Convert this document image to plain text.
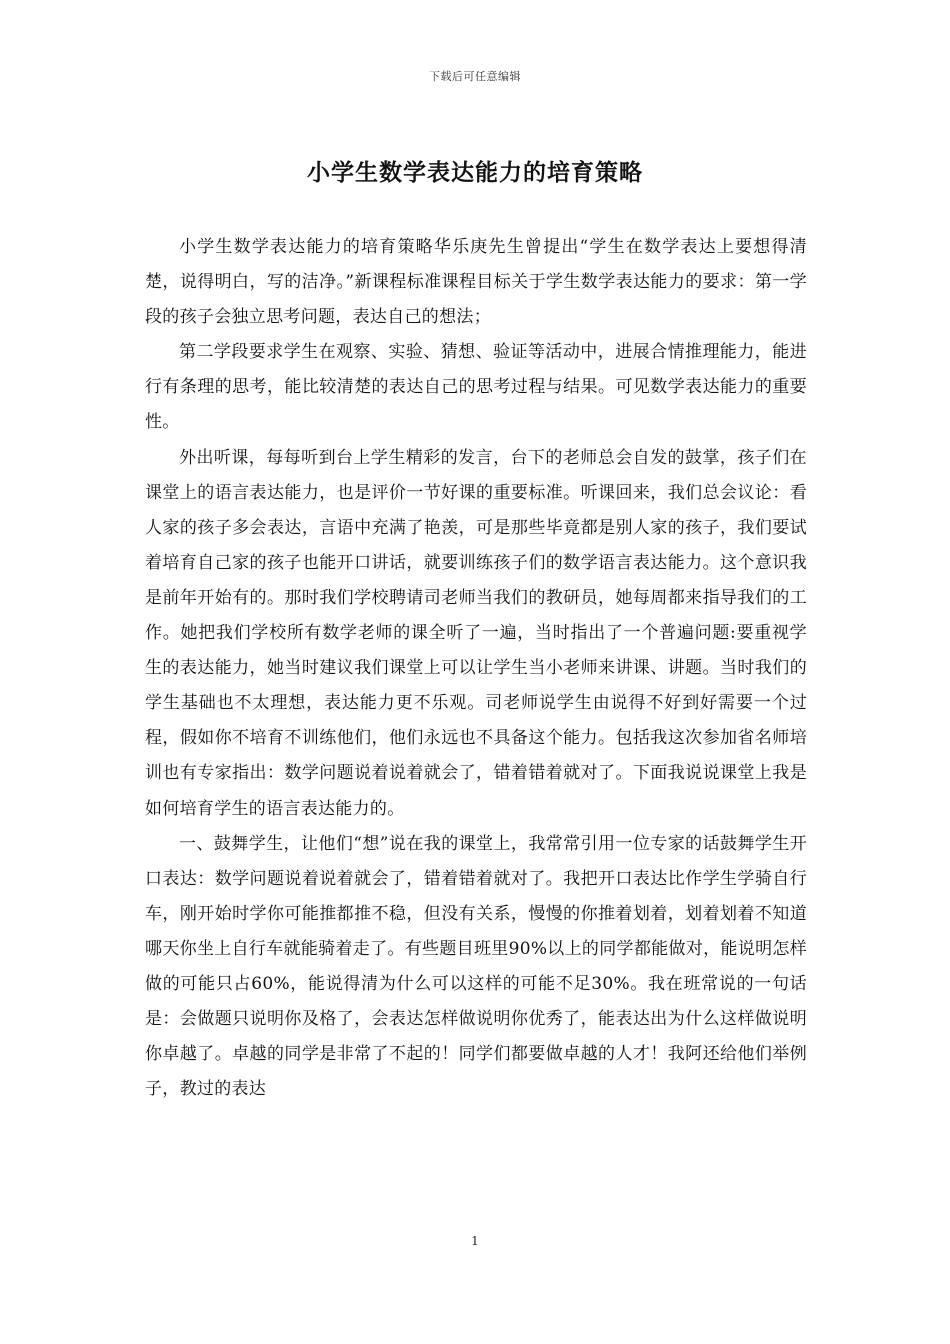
下载后可任意编辑
小学生数学表达能力的培育策略

小学生数学表达能力的培育策略华乐庚先生曾提出“学生在数学表达上要想得清楚，说得明白，写的洁净。”新课程标准课程目标关于学生数学表达能力的要求：第一学段的孩子会独立思考问题，表达自己的想法；

第二学段要求学生在观察、实验、猜想、验证等活动中，进展合情推理能力，能进行有条理的思考，能比较清楚的表达自己的思考过程与结果。可见数学表达能力的重要性。

外出听课，每每听到台上学生精彩的发言，台下的老师总会自发的鼓掌，孩子们在课堂上的语言表达能力，也是评价一节好课的重要标准。听课回来，我们总会议论：看人家的孩子多会表达，言语中充满了艳羡，可是那些毕竟都是别人家的孩子，我们要试着培育自己家的孩子也能开口讲话，就要训练孩子们的数学语言表达能力。这个意识我是前年开始有的。那时我们学校聘请司老师当我们的教研员，她每周都来指导我们的工作。她把我们学校所有数学老师的课全听了一遍，当时指出了一个普遍问题:要重视学生的表达能力，她当时建议我们课堂上可以让学生当小老师来讲课、讲题。当时我们的学生基础也不太理想，表达能力更不乐观。司老师说学生由说得不好到好需要一个过程，假如你不培育不训练他们，他们永远也不具备这个能力。包括我这次参加省名师培训也有专家指出：数学问题说着说着就会了，错着错着就对了。下面我说说课堂上我是如何培育学生的语言表达能力的。

一、鼓舞学生，让他们“想”说在我的课堂上，我常常引用一位专家的话鼓舞学生开口表达：数学问题说着说着就会了，错着错着就对了。我把开口表达比作学生学骑自行车，刚开始时学你可能推都推不稳，但没有关系，慢慢的你推着划着，划着划着不知道哪天你坐上自行车就能骑着走了。有些题目班里90%以上的同学都能做对，能说明怎样做的可能只占60%，能说得清为什么可以这样的可能不足30%。我在班常说的一句话是：会做题只说明你及格了，会表达怎样做说明你优秀了，能表达出为什么这样做说明你卓越了。卓越的同学是非常了不起的！同学们都要做卓越的人才！我阿还给他们举例子，教过的表达

1
